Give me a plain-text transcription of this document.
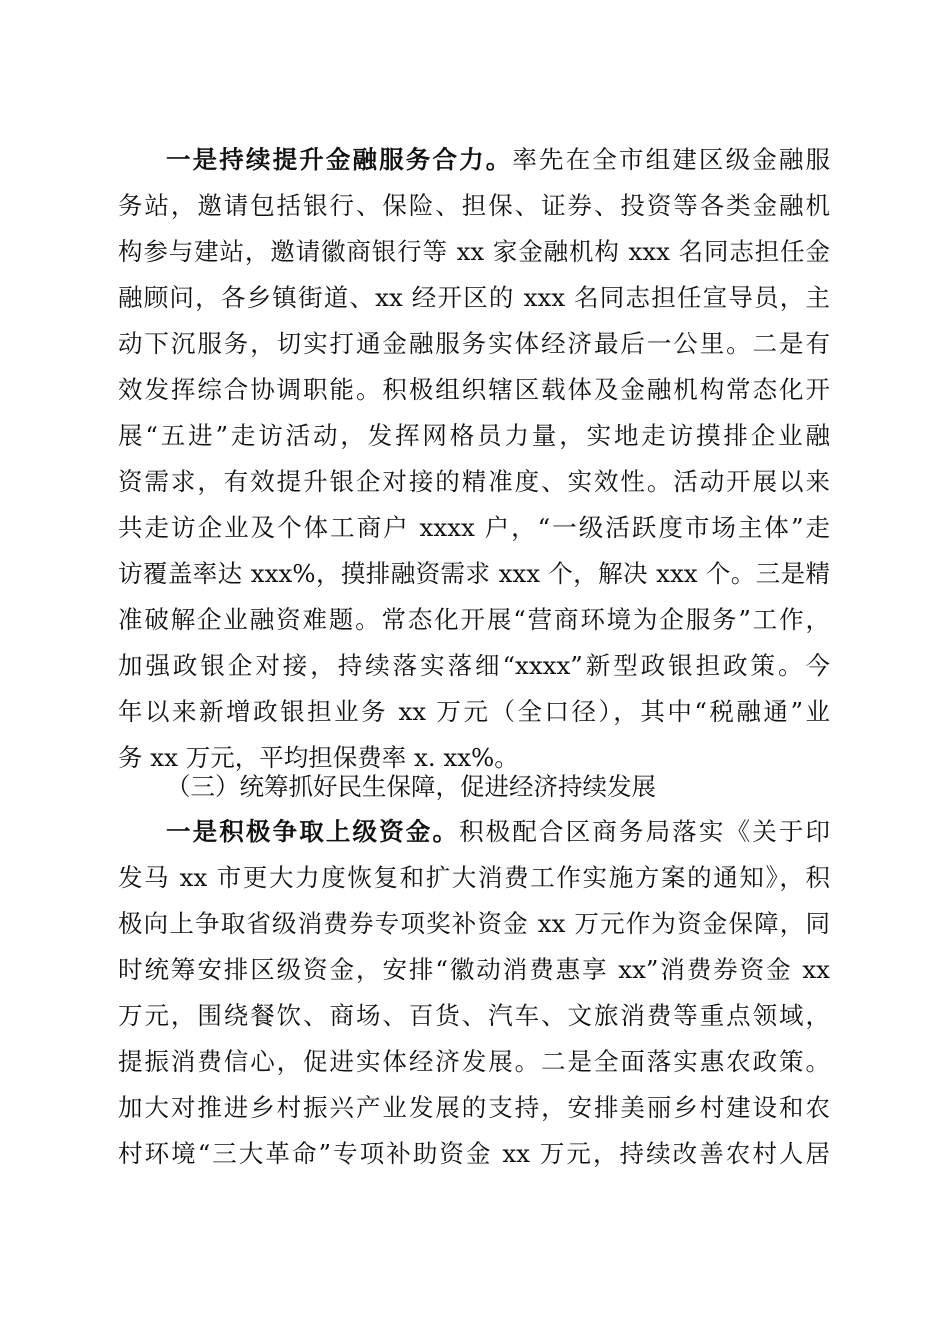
一是持续提升金融服务合力。率先在全市组建区级金融服
务站，邀请包括银行、保险、担保、证券、投资等各类金融机
构参与建站，邀请徽商银行等 xx 家金融机构 xxx 名同志担任金
融顾问，各乡镇街道、xx 经开区的 xxx 名同志担任宣导员，主
动下沉服务，切实打通金融服务实体经济最后一公里。二是有
效发挥综合协调职能。积极组织辖区载体及金融机构常态化开
展“五进”走访活动，发挥网格员力量，实地走访摸排企业融
资需求，有效提升银企对接的精准度、实效性。活动开展以来
共走访企业及个体工商户 xxxx 户，“一级活跃度市场主体”走
访覆盖率达 xxx%，摸排融资需求 xxx 个，解决 xxx 个。三是精
准破解企业融资难题。常态化开展“营商环境为企服务”工作，
加强政银企对接，持续落实落细“xxxx”新型政银担政策。今
年以来新增政银担业务 xx 万元（全口径），其中“税融通”业
务 xx 万元，平均担保费率 x. xx%。
（三）统筹抓好民生保障，促进经济持续发展
一是积极争取上级资金。积极配合区商务局落实《关于印
发马 xx 市更大力度恢复和扩大消费工作实施方案的通知》，积
极向上争取省级消费券专项奖补资金 xx 万元作为资金保障，同
时统筹安排区级资金，安排“徽动消费惠享 xx”消费券资金 xx
万元，围绕餐饮、商场、百货、汽车、文旅消费等重点领域，
提振消费信心，促进实体经济发展。二是全面落实惠农政策。
加大对推进乡村振兴产业发展的支持，安排美丽乡村建设和农
村环境“三大革命”专项补助资金 xx 万元，持续改善农村人居
